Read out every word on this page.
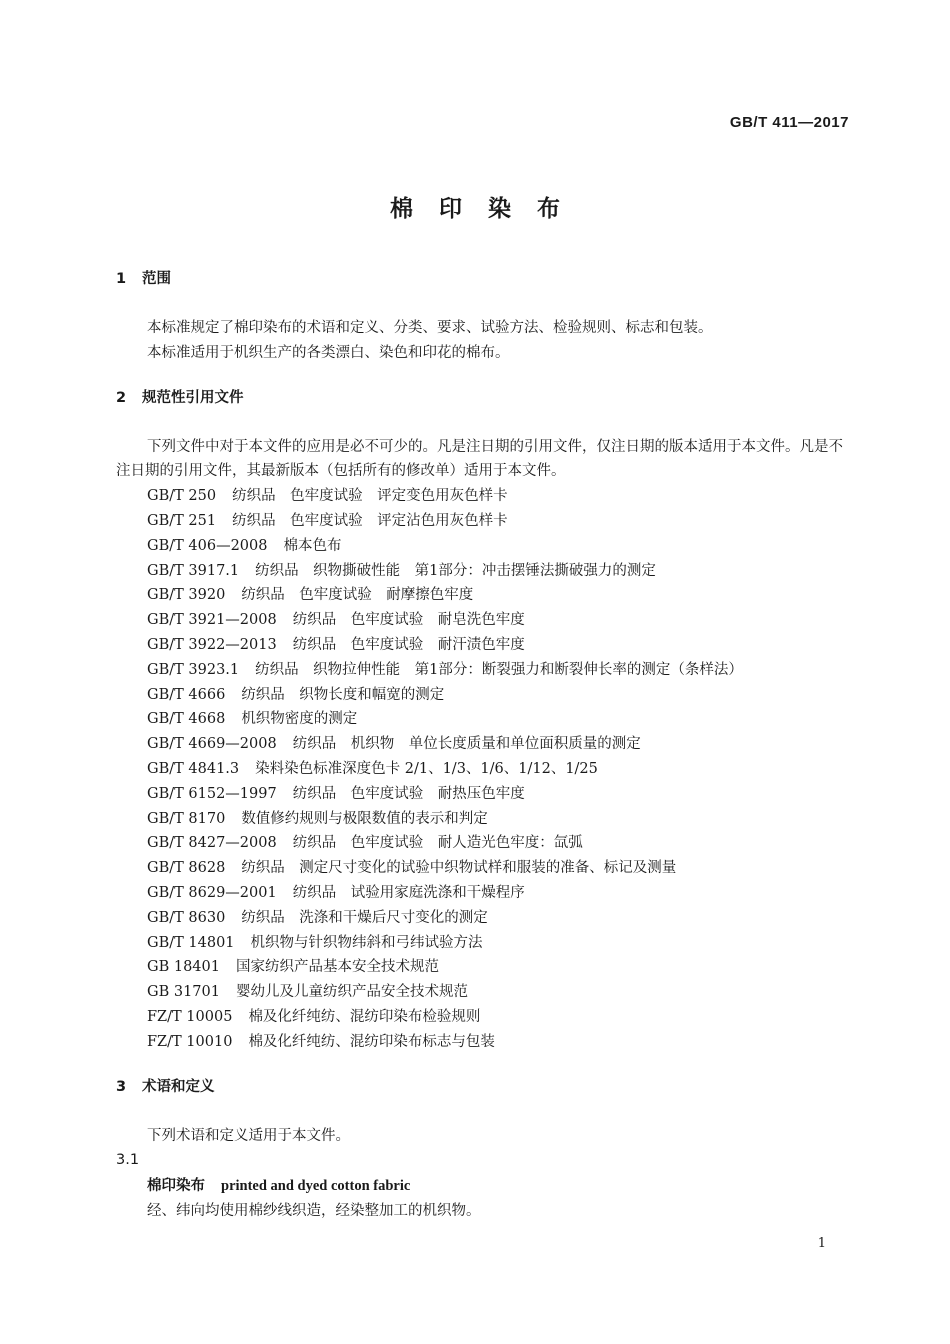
GB/T 411—2017
棉印染布
1 范围

本标准规定了棉印染布的术语和定义、分类、要求、试验方法、检验规则、标志和包装。

本标准适用于机织生产的各类漂白、染色和印花的棉布。

2 规范性引用文件

下列文件中对于本文件的应用是必不可少的。凡是注日期的引用文件，仅注日期的版本适用于本文件。凡是不注日期的引用文件，其最新版本（包括所有的修改单）适用于本文件。

GB/T 250 纺织品　色牢度试验　评定变色用灰色样卡
GB/T 251 纺织品　色牢度试验　评定沾色用灰色样卡
GB/T 406—2008 棉本色布
GB/T 3917.1 纺织品　织物撕破性能　第1部分：冲击摆锤法撕破强力的测定
GB/T 3920 纺织品　色牢度试验　耐摩擦色牢度
GB/T 3921—2008 纺织品　色牢度试验　耐皂洗色牢度
GB/T 3922—2013 纺织品　色牢度试验　耐汗渍色牢度
GB/T 3923.1 纺织品　织物拉伸性能　第1部分：断裂强力和断裂伸长率的测定（条样法）
GB/T 4666 纺织品　织物长度和幅宽的测定
GB/T 4668 机织物密度的测定
GB/T 4669—2008 纺织品　机织物　单位长度质量和单位面积质量的测定
GB/T 4841.3 染料染色标准深度色卡 2/1、1/3、1/6、1/12、1/25
GB/T 6152—1997 纺织品　色牢度试验　耐热压色牢度
GB/T 8170 数值修约规则与极限数值的表示和判定
GB/T 8427—2008 纺织品　色牢度试验　耐人造光色牢度：氙弧
GB/T 8628 纺织品　测定尺寸变化的试验中织物试样和服装的准备、标记及测量
GB/T 8629—2001 纺织品　试验用家庭洗涤和干燥程序
GB/T 8630 纺织品　洗涤和干燥后尺寸变化的测定
GB/T 14801 机织物与针织物纬斜和弓纬试验方法
GB 18401 国家纺织产品基本安全技术规范
GB 31701 婴幼儿及儿童纺织产品安全技术规范
FZ/T 10005 棉及化纤纯纺、混纺印染布检验规则
FZ/T 10010 棉及化纤纯纺、混纺印染布标志与包装
3 术语和定义

下列术语和定义适用于本文件。

3.1
棉印染布 printed and dyed cotton fabric

经、纬向均使用棉纱线织造，经染整加工的机织物。

1
